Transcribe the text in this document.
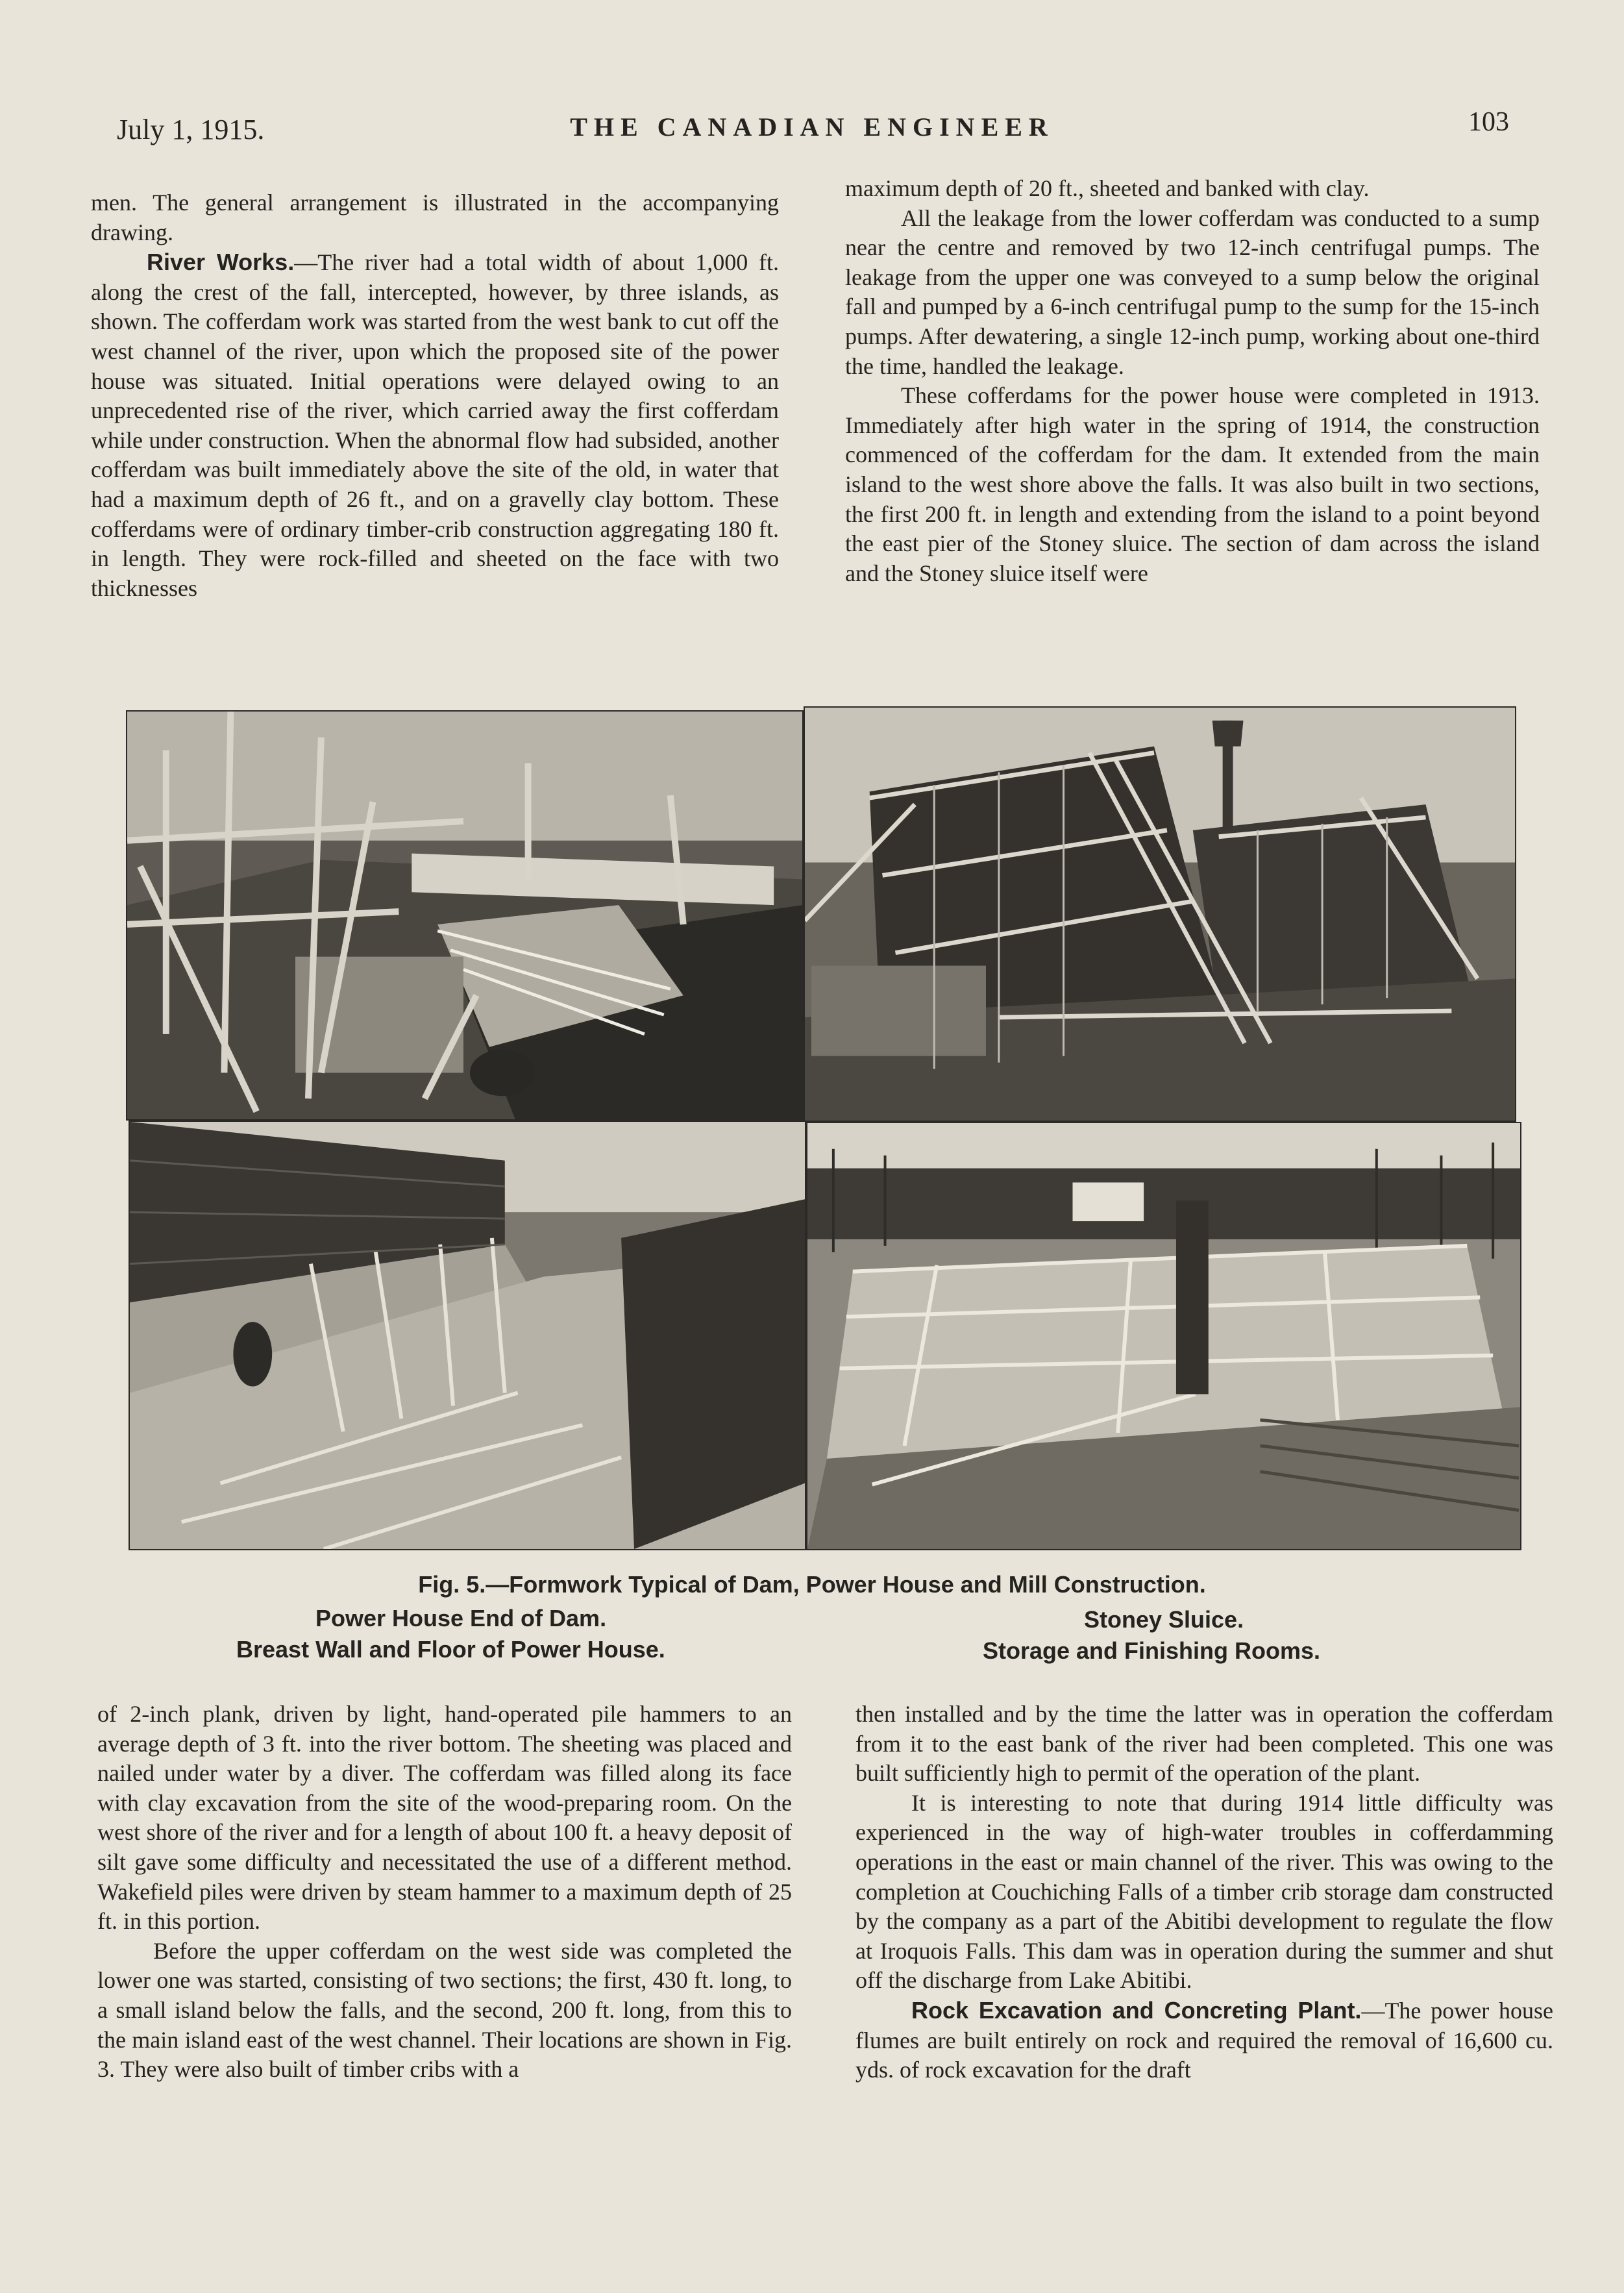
July 1, 1915.	THE CANADIAN ENGINEER	103

men. The general arrangement is illustrated in the accompanying drawing.

River Works.—The river had a total width of about 1,000 ft. along the crest of the fall, intercepted, however, by three islands, as shown. The cofferdam work was started from the west bank to cut off the west channel of the river, upon which the proposed site of the power house was situated. Initial operations were delayed owing to an unprecedented rise of the river, which carried away the first cofferdam while under construction. When the abnormal flow had subsided, another cofferdam was built immediately above the site of the old, in water that had a maximum depth of 26 ft., and on a gravelly clay bottom. These cofferdams were of ordinary timber-crib construction aggregating 180 ft. in length. They were rock-filled and sheeted on the face with two thicknesses

maximum depth of 20 ft., sheeted and banked with clay.

All the leakage from the lower cofferdam was conducted to a sump near the centre and removed by two 12-inch centrifugal pumps. The leakage from the upper one was conveyed to a sump below the original fall and pumped by a 6-inch centrifugal pump to the sump for the 15-inch pumps. After dewatering, a single 12-inch pump, working about one-third the time, handled the leakage.

These cofferdams for the power house were completed in 1913. Immediately after high water in the spring of 1914, the construction commenced of the cofferdam for the dam. It extended from the main island to the west shore above the falls. It was also built in two sections, the first 200 ft. in length and extending from the island to a point beyond the east pier of the Stoney sluice. The section of dam across the island and the Stoney sluice itself were

Fig. 5.—Formwork Typical of Dam, Power House and Mill Construction.
Power House End of Dam.	Stoney Sluice.
Breast Wall and Floor of Power House.	Storage and Finishing Rooms.

of 2-inch plank, driven by light, hand-operated pile hammers to an average depth of 3 ft. into the river bottom. The sheeting was placed and nailed under water by a diver. The cofferdam was filled along its face with clay excavation from the site of the wood-preparing room. On the west shore of the river and for a length of about 100 ft. a heavy deposit of silt gave some difficulty and necessitated the use of a different method. Wakefield piles were driven by steam hammer to a maximum depth of 25 ft. in this portion.

Before the upper cofferdam on the west side was completed the lower one was started, consisting of two sections; the first, 430 ft. long, to a small island below the falls, and the second, 200 ft. long, from this to the main island east of the west channel. Their locations are shown in Fig. 3. They were also built of timber cribs with a

then installed and by the time the latter was in operation the cofferdam from it to the east bank of the river had been completed. This one was built sufficiently high to permit of the operation of the plant.

It is interesting to note that during 1914 little difficulty was experienced in the way of high-water troubles in cofferdamming operations in the east or main channel of the river. This was owing to the completion at Couchiching Falls of a timber crib storage dam constructed by the company as a part of the Abitibi development to regulate the flow at Iroquois Falls. This dam was in operation during the summer and shut off the discharge from Lake Abitibi.

Rock Excavation and Concreting Plant.—The power house flumes are built entirely on rock and required the removal of 16,600 cu. yds. of rock excavation for the draft
